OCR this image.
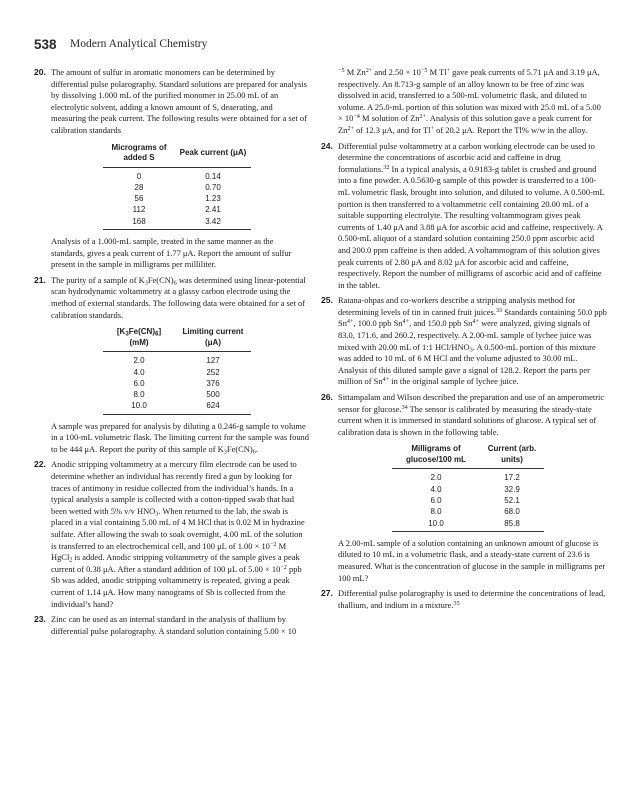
538 Modern Analytical Chemistry
20. The amount of sulfur in aromatic monomers can be determined by differential pulse polarography. Standard solutions are prepared for analysis by dissolving 1.000 mL of the purified monomer in 25.00 mL of an electrolytic solvent, adding a known amount of S, deaerating, and measuring the peak current. The following results were obtained for a set of calibration standards

Micrograms of added S	Peak current (μA)
0	0.14
28	0.70
56	1.23
112	2.41
168	3.42

Analysis of a 1.000-mL sample, treated in the same manner as the standards, gives a peak current of 1.77 μA. Report the amount of sulfur present in the sample in milligrams per milliliter.

21. The purity of a sample of $K_3Fe(CN)_6$ was determined using linear-potential scan hydrodynamic voltammetry at a glassy carbon electrode using the method of external standards. The following data were obtained for a set of calibration standards.

$[K_3Fe(CN)_6]$
(mM)	Limiting current (μA)
2.0	127
4.0	252
6.0	376
8.0	500
10.0	624

A sample was prepared for analysis by diluting a 0.246-g sample to volume in a 100-mL volumetric flask. The limiting current for the sample was found to be 444 μA. Report the purity of this sample of $K_3Fe(CN)_6$.

22. Anodic stripping voltammetry at a mercury film electrode can be used to determine whether an individual has recently fired a gun by looking for traces of antimony in residue collected from the individual’s hands. In a typical analysis a sample is collected with a cotton-tipped swab that had been wetted with 5% v/v $HNO_3$. When returned to the lab, the swab is placed in a vial containing 5.00 mL of 4 M HCl that is 0.02 M in hydrazine sulfate. After allowing the swab to soak overnight, 4.00 mL of the solution is transferred to an electrochemical cell, and 100 μL of $1.00 \times 10^{-2}$ M HgCl$_2$ is added. Anodic stripping voltammetry of the sample gives a peak current of 0.38 μA. After a standard addition of 100 μL of $5.00 \times 10^{-2}$ ppb Sb was added, anodic stripping voltammetry is repeated, giving a peak current of 1.14 μA. How many nanograms of Sb is collected from the individual’s hand?

23. Zinc can be used as an internal standard in the analysis of thallium by differential pulse polarography. A standard solution containing 5.00 × 10

$^{-5}$ M $Zn^{2+}$ and $2.50 \times 10^{-5}$ M Tl+ gave peak currents of 5.71 μA and 3.19 μA, respectively. An 8.713-g sample of an alloy known to be free of zinc was dissolved in acid, transferred to a 500-mL volumetric flask, and diluted to volume. A 25.0-mL portion of this solution was mixed with 25.0 mL of a $5.00 \times 10^{-4}$ M solution of $Zn^{2+}$. Analysis of this solution gave a peak current for $Zn^{2+}$ of 12.3 μA, and for Tl+ of 20.2 μA. Report the Tl% w/w in the alloy.

24. Differential pulse voltammetry at a carbon working electrode can be used to determine the concentrations of ascorbic acid and caffeine in drug formulations.$^{32}$ In a typical analysis, a 0.9183-g tablet is crushed and ground into a fine powder. A 0.5630-g sample of this powder is transferred to a 100-mL volumetric flask, brought into solution, and diluted to volume. A 0.500-mL portion is then transferred to a voltammetric cell containing 20.00 mL of a suitable supporting electrolyte. The resulting voltammogram gives peak currents of 1.40 μA and 3.88 μA for ascorbic acid and caffeine, respectively. A 0.500-mL aliquot of a standard solution containing 250.0 ppm ascorbic acid and 200.0 ppm caffeine is then added. A voltammogram of this solution gives peak currents of 2.80 μA and 8.02 μA for ascorbic acid and caffeine, respectively. Report the number of milligrams of ascorbic acid and of caffeine in the tablet.

25. Ratana-ohpas and co-workers describe a stripping analysis method for determining levels of tin in canned fruit juices.$^{33}$ Standards containing 50.0 ppb $Sn^{4+}$, 100.0 ppb $Sn^{4+}$, and 150.0 ppb $Sn^{4+}$ were analyzed, giving signals of 83.0, 171.6, and 260.2, respectively. A 2.00-mL sample of lychee juice was mixed with 20.00 mL of 1:1 HCl/$HNO_3$. A 0.500-mL portion of this mixture was added to 10 mL of 6 M HCl and the volume adjusted to 30.00 mL. Analysis of this diluted sample gave a signal of 128.2. Report the parts per million of $Sn^{4+}$ in the original sample of lychee juice.

26. Sittampalam and Wilson described the preparation and use of an amperometric sensor for glucose.$^{34}$ The sensor is calibrated by measuring the steady-state current when it is immersed in standard solutions of glucose. A typical set of calibration data is shown in the following table.

Milligrams of glucose/100 mL	Current (arb. units)
2.0	17.2
4.0	32.9
6.0	52.1
8.0	68.0
10.0	85.8

A 2.00-mL sample of a solution containing an unknown amount of glucose is diluted to 10 mL in a volumetric flask, and a steady-state current of 23.6 is measured. What is the concentration of glucose in the sample in milligrams per 100 mL?

27. Differential pulse polarography is used to determine the concentrations of lead, thallium, and indium in a mixture.$^{35}$
